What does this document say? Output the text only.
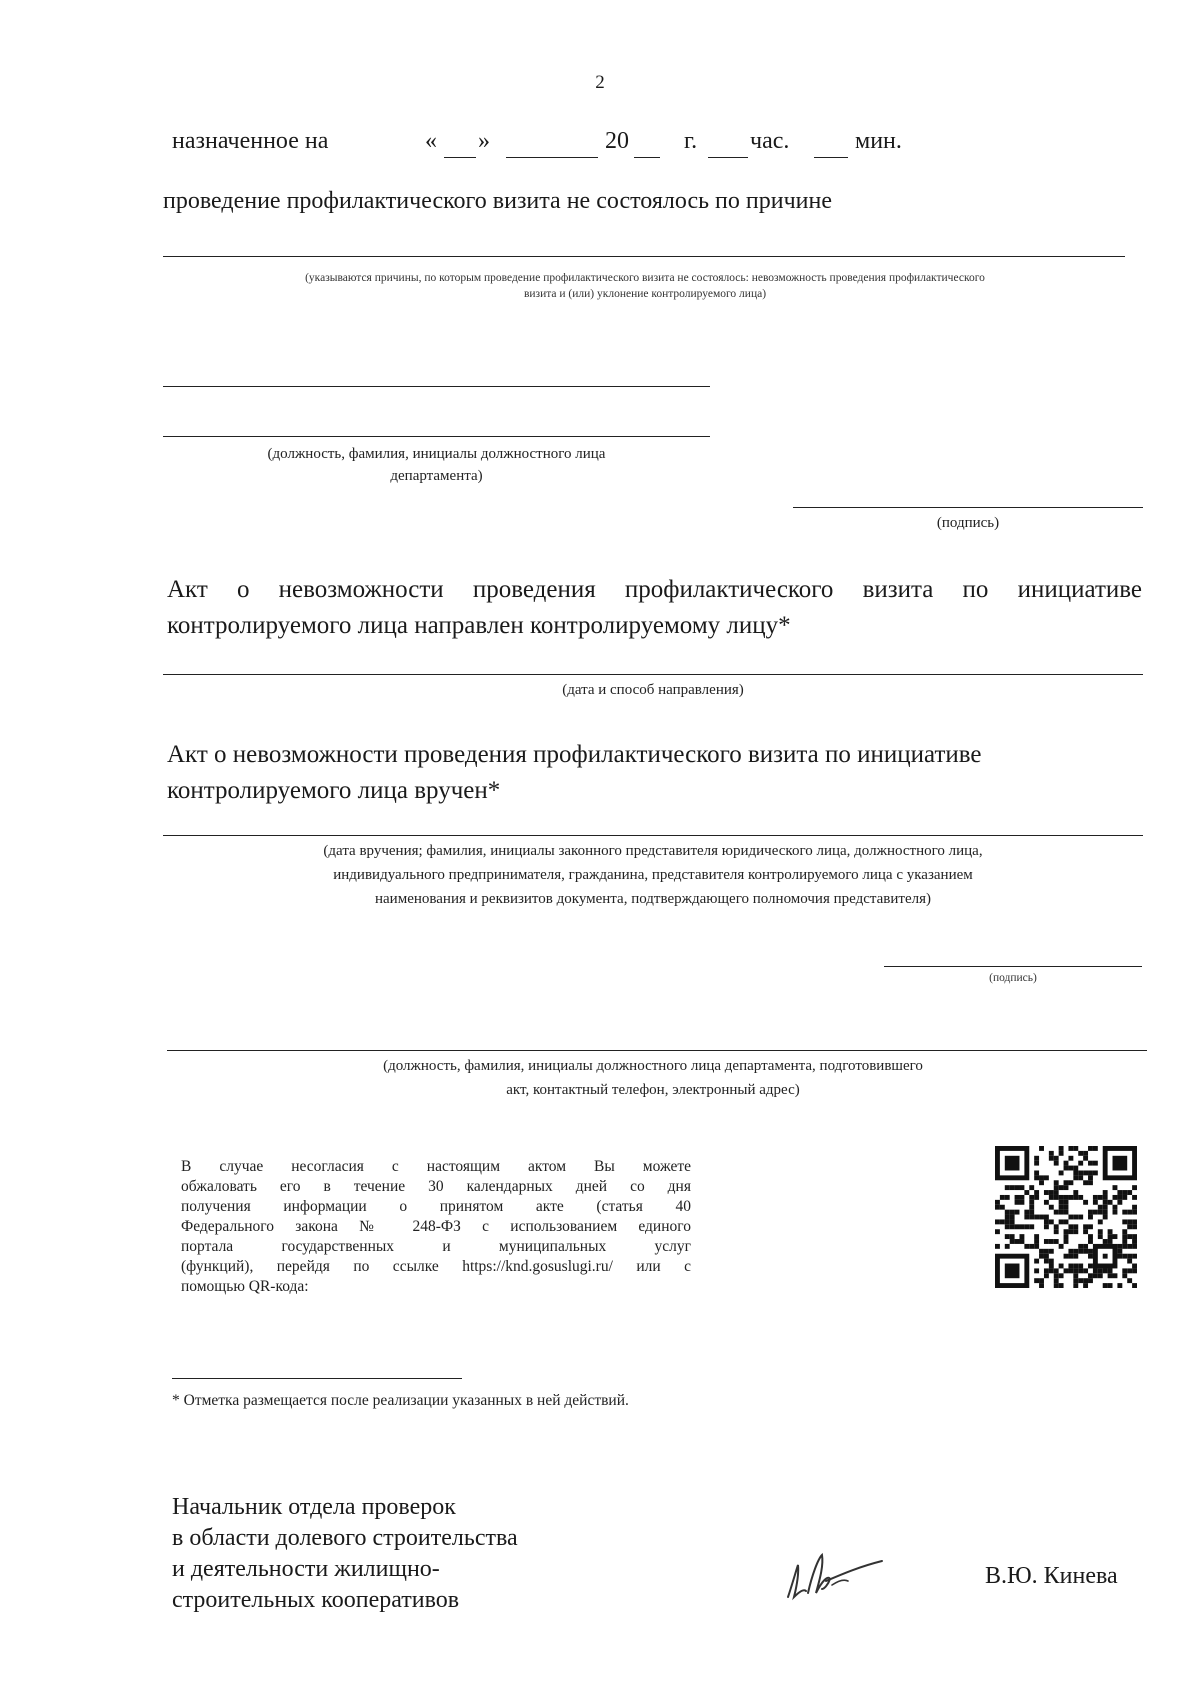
2
назначенное на	« »	20 г. час.	мин.
проведение профилактического визита не состоялось по причине
(указываются причины, по которым проведение профилактического визита не состоялось: невозможность проведения профилактического
визита и (или) уклонение контролируемого лица)
(должность, фамилия, инициалы должностного лица
департамента)
(подпись)
Акт о невозможности проведения профилактического визита по инициативе
контролируемого лица направлен контролируемому лицу*
(дата и способ направления)
Акт о невозможности проведения профилактического визита по инициативе
контролируемого лица вручен*
(дата вручения; фамилия, инициалы законного представителя юридического лица, должностного лица,
индивидуального предпринимателя, гражданина, представителя контролируемого лица с указанием
наименования и реквизитов документа, подтверждающего полномочия представителя)
(подпись)
(должность, фамилия, инициалы должностного лица департамента, подготовившего
акт, контактный телефон, электронный адрес)
В случае несогласия с настоящим актом Вы можете
обжаловать его в течение 30 календарных дней со дня
получения информации о принятом акте (статья 40
Федерального закона № 248-ФЗ с использованием единого
портала государственных и муниципальных услуг
(функций), перейдя по ссылке https://knd.gosuslugi.ru/ или с
помощью QR-кода:
* Отметка размещается после реализации указанных в ней действий.
Начальник отдела проверок
в области долевого строительства
и деятельности жилищно-
строительных кооперативов
В.Ю. Кинева
